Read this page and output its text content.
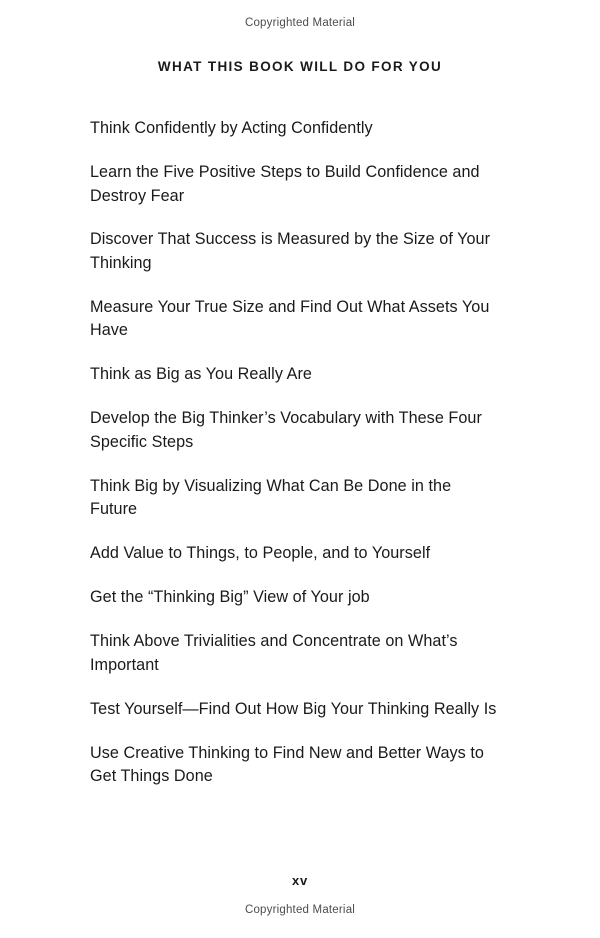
Copyrighted Material
WHAT THIS BOOK WILL DO FOR YOU
Think Confidently by Acting Confidently
Learn the Five Positive Steps to Build Confidence and Destroy Fear
Discover That Success is Measured by the Size of Your Thinking
Measure Your True Size and Find Out What Assets You Have
Think as Big as You Really Are
Develop the Big Thinker’s Vocabulary with These Four Specific Steps
Think Big by Visualizing What Can Be Done in the Future
Add Value to Things, to People, and to Yourself
Get the “Thinking Big” View of Your job
Think Above Trivialities and Concentrate on What’s Important
Test Yourself—Find Out How Big Your Thinking Really Is
Use Creative Thinking to Find New and Better Ways to Get Things Done
xv
Copyrighted Material
